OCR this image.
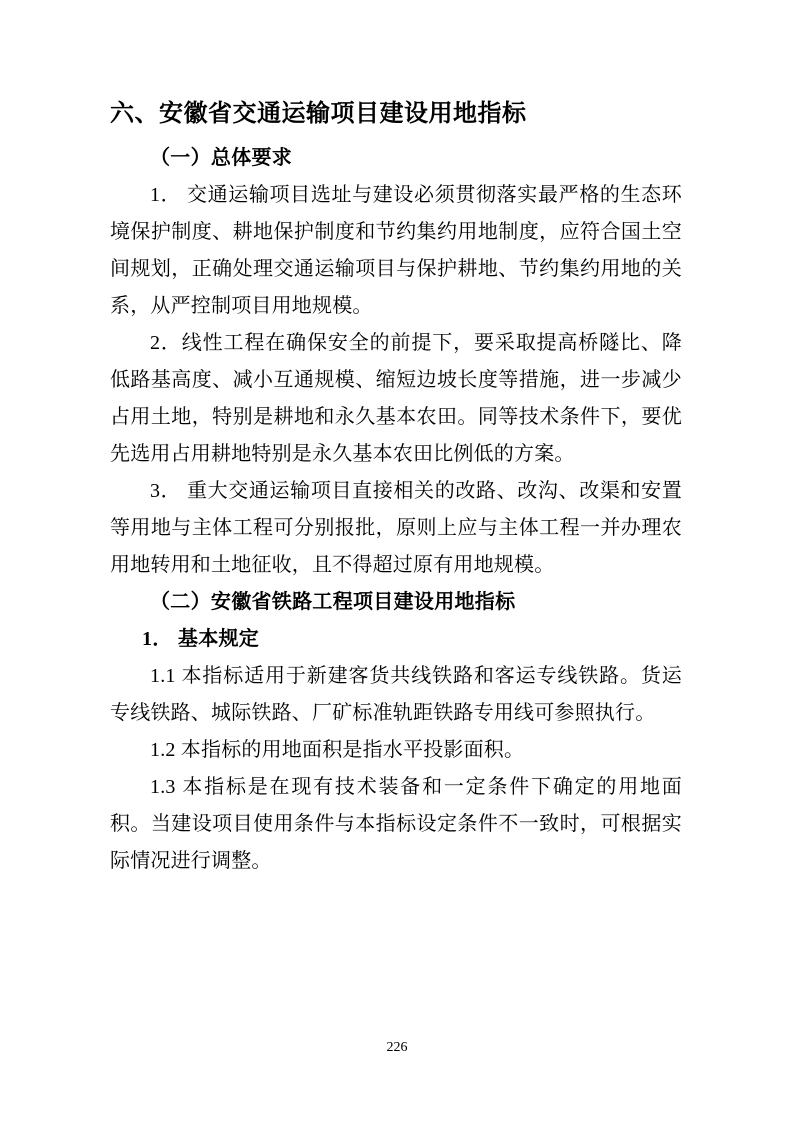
六、安徽省交通运输项目建设用地指标
（一）总体要求

1． 交通运输项目选址与建设必须贯彻落实最严格的生态环境保护制度、耕地保护制度和节约集约用地制度，应符合国土空间规划，正确处理交通运输项目与保护耕地、节约集约用地的关系，从严控制项目用地规模。

2．线性工程在确保安全的前提下，要采取提高桥隧比、降低路基高度、减小互通规模、缩短边坡长度等措施，进一步减少占用土地，特别是耕地和永久基本农田。同等技术条件下，要优先选用占用耕地特别是永久基本农田比例低的方案。

3． 重大交通运输项目直接相关的改路、改沟、改渠和安置等用地与主体工程可分别报批，原则上应与主体工程一并办理农用地转用和土地征收，且不得超过原有用地规模。

（二）安徽省铁路工程项目建设用地指标
1． 基本规定

1.1 本指标适用于新建客货共线铁路和客运专线铁路。货运专线铁路、城际铁路、厂矿标准轨距铁路专用线可参照执行。

1.2 本指标的用地面积是指水平投影面积。

1.3 本指标是在现有技术装备和一定条件下确定的用地面积。当建设项目使用条件与本指标设定条件不一致时，可根据实际情况进行调整。

226
